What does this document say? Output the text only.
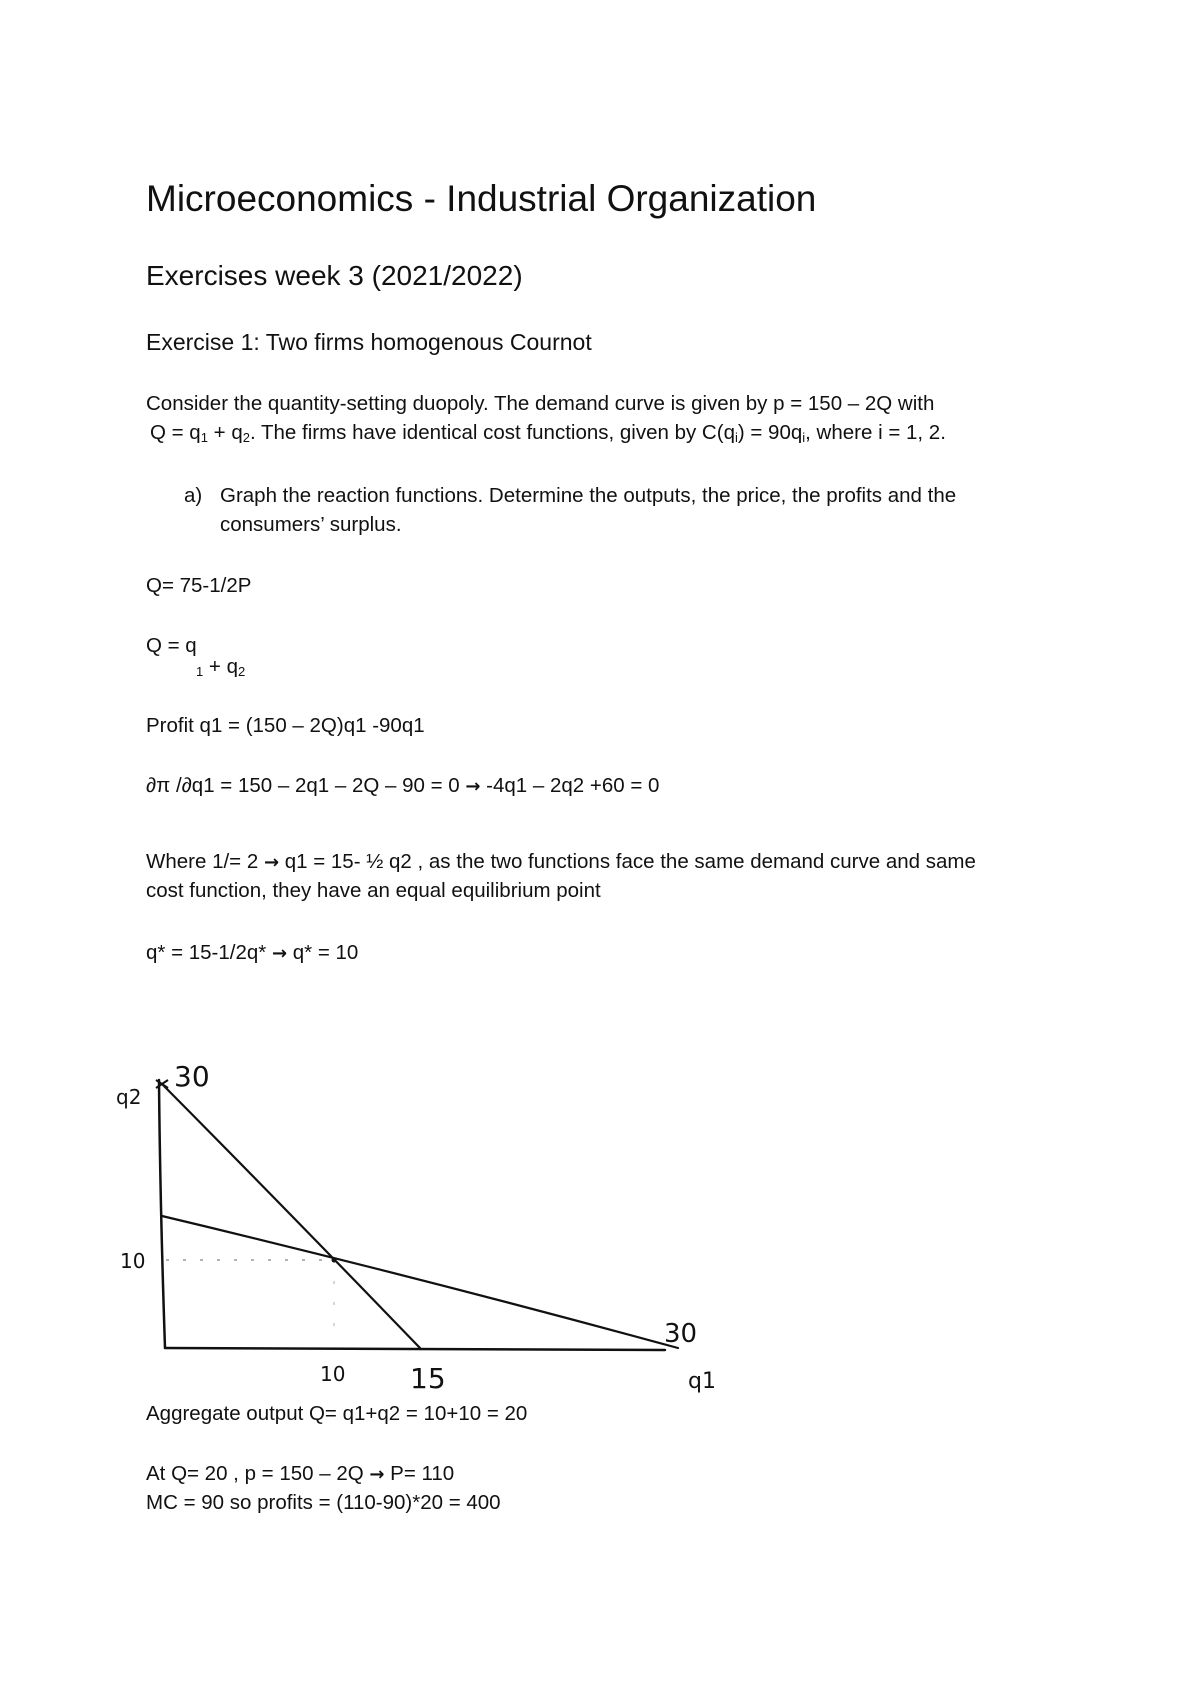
Microeconomics - Industrial Organization
Exercises week 3 (2021/2022)
Exercise 1: Two firms homogenous Cournot
Consider the quantity-setting duopoly. The demand curve is given by p = 150 – 2Q with
$Q = q_1 + q_2$. The firms have identical cost functions, given by $C(q_i) = 90q_i$, where i = 1, 2.
a) Graph the reaction functions. Determine the outputs, the price, the profits and the
consumers’ surplus.
Q= 75-1/2P
Q = q
$_1 + q_2$
Profit q1 = (150 – 2Q)q1 -90q1
∂π /∂q1 = 150 – 2q1 – 2Q – 90 = 0 → -4q1 – 2q2 +60 = 0
Where 1/= 2 → q1 = 15- ½ q2 , as the two functions face the same demand curve and same
cost function, they have an equal equilibrium point
q* = 15-1/2q* → q* = 10
30
10
10 15
30
q1
q2
Aggregate output Q= q1+q2 = 10+10 = 20
At Q= 20 , p = 150 – 2Q → P= 110
MC = 90 so profits = (110-90)*20 = 400
